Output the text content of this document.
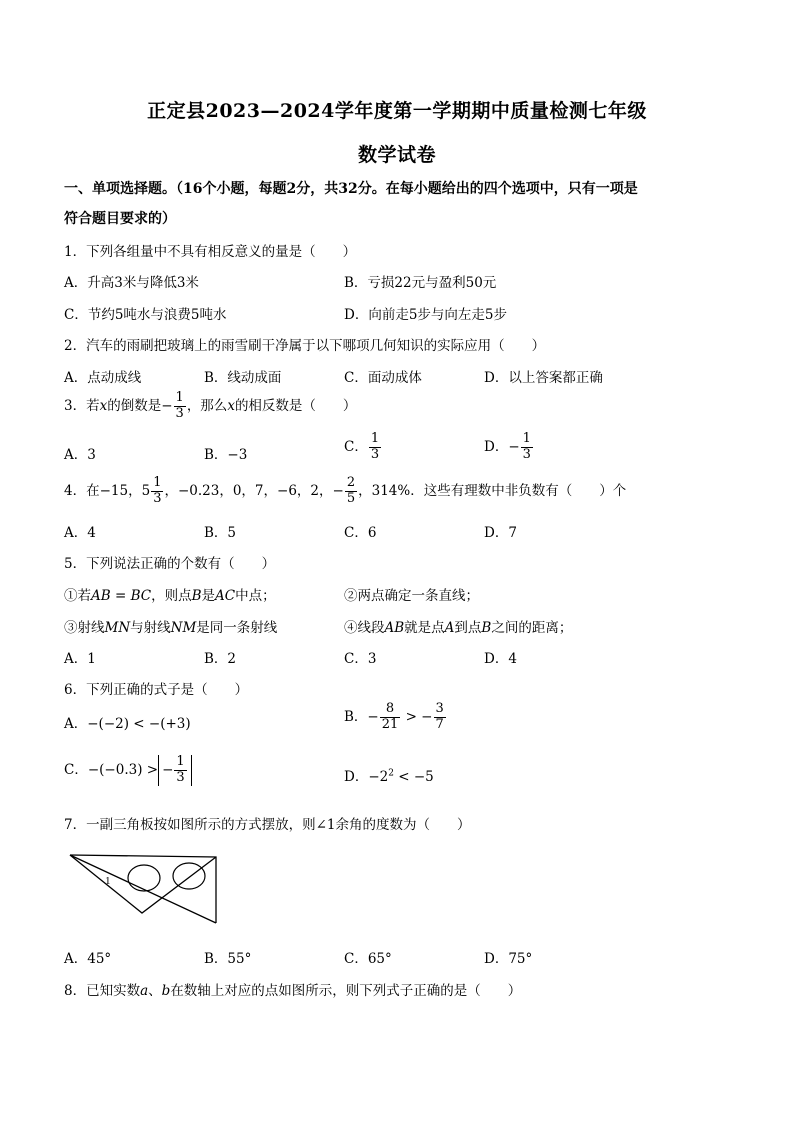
正定县2023—2024学年度第一学期期中质量检测七年级
数学试卷
一、单项选择题。（16个小题，每题2分，共32分。在每小题给出的四个选项中，只有一项是
符合题目要求的）
1．下列各组量中不具有相反意义的量是（　　）
A．升高3米与降低3米	B．亏损22元与盈利50元
C．节约5吨水与浪费5吨水	D．向前走5步与向左走5步
2．汽车的雨刷把玻璃上的雨雪刷干净属于以下哪项几何知识的实际应用（　　）
A．点动成线	B．线动成面	C．面动成体	D．以上答案都正确
3．若x的倒数是− $\frac{1}{3}$ ，那么x的相反数是（　　）
A．3	B．−3
C． $\frac{1}{3}$	D．− $\frac{1}{3}$
4．在−15，$5 \frac{1}{3}$ ，−0.23，0，7，−6，2，− $\frac{2}{5}$ ，314%．这些有理数中非负数有（　　）个
A．4	B．5	C．6	D．7
5．下列说法正确的个数有（　　）
①若AB = BC，则点B是AC中点；	②两点确定一条直线；
③射线MN与射线NM是同一条射线	④线段AB就是点A到点B之间的距离；
A．1	B．2	C．3	D．4
6．下列正确的式子是（　　）
A．−(−2) < −(+3)	B．− $\frac{8}{21}$ > − $\frac{3}{7}$
C．−(−0.3) > − $\frac{1}{3}$	D．$-2^2 < -5$
7．一副三角板按如图所示的方式摆放，则∠1余角的度数为（　　）
1
A．45°	B．55°	C．65°	D．75°
8．已知实数a、b在数轴上对应的点如图所示，则下列式子正确的是（　　）
